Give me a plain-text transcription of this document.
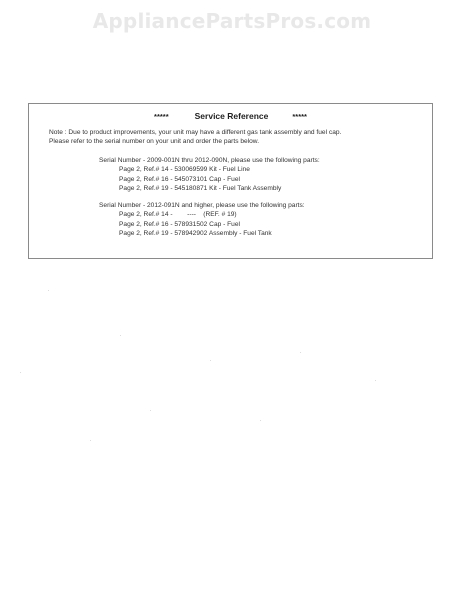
AppliancePartsPros.com
*****	Service Reference	*****
Note : Due to product improvements, your unit may have a different gas tank assembly and fuel cap.
Please refer to the serial number on your unit and order the parts below.
Serial Number - 2009-001N thru 2012-090N, please use the following parts:
Page 2, Ref.# 14 - 530069599 Kit - Fuel Line
Page 2, Ref.# 16 - 545073101 Cap - Fuel
Page 2, Ref.# 19 - 545180871 Kit - Fuel Tank Assembly
Serial Number - 2012-091N and higher, please use the following parts:
Page 2, Ref.# 14 -        ----    (REF. # 19)
Page 2, Ref.# 16 - 578931502 Cap - Fuel
Page 2, Ref.# 19 - 578942902 Assembly - Fuel Tank
